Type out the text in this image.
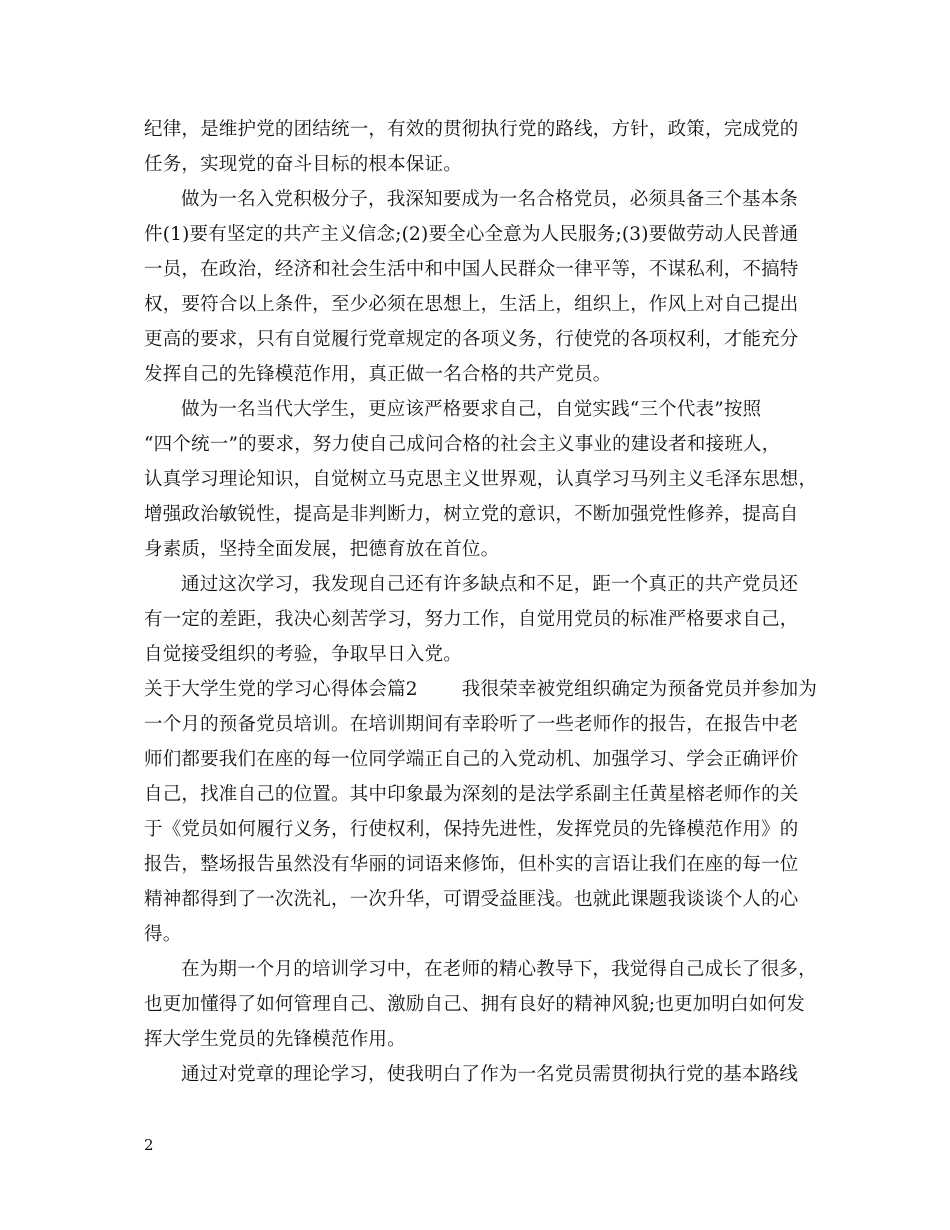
纪律，是维护党的团结统一，有效的贯彻执行党的路线，方针，政策，完成党的
任务，实现党的奋斗目标的根本保证。
做为一名入党积极分子，我深知要成为一名合格党员，必须具备三个基本条
件(1)要有坚定的共产主义信念;(2)要全心全意为人民服务;(3)要做劳动人民普通
一员，在政治，经济和社会生活中和中国人民群众一律平等，不谋私利，不搞特
权，要符合以上条件，至少必须在思想上，生活上，组织上，作风上对自己提出
更高的要求，只有自觉履行党章规定的各项义务，行使党的各项权利，才能充分
发挥自己的先锋模范作用，真正做一名合格的共产党员。
做为一名当代大学生，更应该严格要求自己，自觉实践“三个代表”按照
“四个统一”的要求，努力使自己成问合格的社会主义事业的建设者和接班人，
认真学习理论知识，自觉树立马克思主义世界观，认真学习马列主义毛泽东思想，
增强政治敏锐性，提高是非判断力，树立党的意识，不断加强党性修养，提高自
身素质，坚持全面发展，把德育放在首位。
通过这次学习，我发现自己还有许多缺点和不足，距一个真正的共产党员还
有一定的差距，我决心刻苦学习，努力工作，自觉用党员的标准严格要求自己，
自觉接受组织的考验，争取早日入党。
关于大学生党的学习心得体会篇2 我很荣幸被党组织确定为预备党员并参加为
一个月的预备党员培训。在培训期间有幸聆听了一些老师作的报告，在报告中老
师们都要我们在座的每一位同学端正自己的入党动机、加强学习、学会正确评价
自己，找准自己的位置。其中印象最为深刻的是法学系副主任黄星榕老师作的关
于《党员如何履行义务，行使权利，保持先进性，发挥党员的先锋模范作用》的
报告，整场报告虽然没有华丽的词语来修饰，但朴实的言语让我们在座的每一位
精神都得到了一次洗礼，一次升华，可谓受益匪浅。也就此课题我谈谈个人的心
得。
在为期一个月的培训学习中，在老师的精心教导下，我觉得自己成长了很多，
也更加懂得了如何管理自己、激励自己、拥有良好的精神风貌;也更加明白如何发
挥大学生党员的先锋模范作用。
通过对党章的理论学习，使我明白了作为一名党员需贯彻执行党的基本路线
2
